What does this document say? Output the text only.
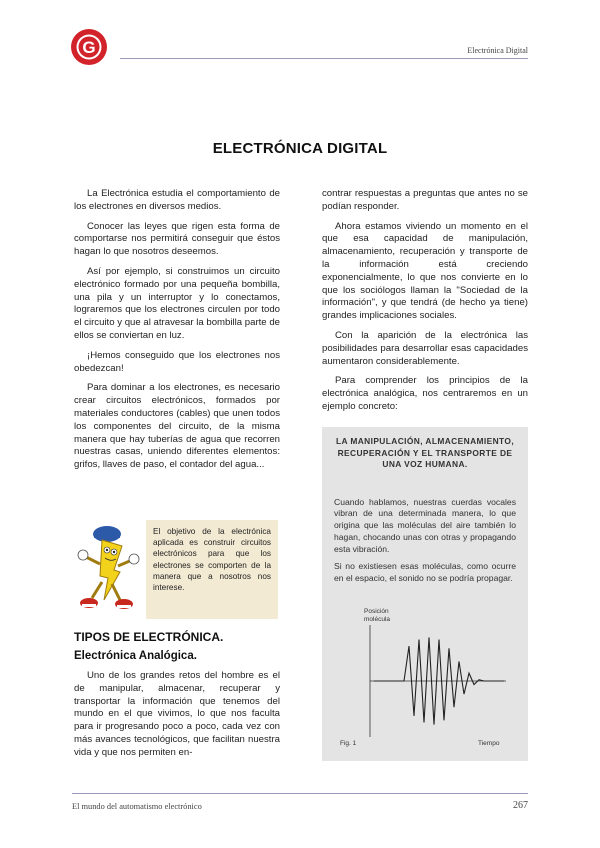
G	Electrónica Digital
ELECTRÓNICA DIGITAL

La Electrónica estudia el comportamiento de los electrones en diversos medios.

Conocer las leyes que rigen esta forma de comportarse nos permitirá conseguir que éstos hagan lo que nosotros deseemos.

Así por ejemplo, si construimos un circuito electrónico formado por una pequeña bombilla, una pila y un interruptor y lo conectamos, lograremos que los electrones circulen por todo el circuito y que al atravesar la bombilla parte de ellos se conviertan en luz.

¡Hemos conseguido que los electrones nos obedezcan!

Para dominar a los electrones, es necesario crear circuitos electrónicos, formados por materiales conductores (cables) que unen todos los componentes del circuito, de la misma manera que hay tuberías de agua que recorren nuestras casas, uniendo diferentes elementos: grifos, llaves de paso, el contador del agua...

El objetivo de la electrónica aplicada es construir circuitos electrónicos para que los electrones se comporten de la manera que a nosotros nos interese.
TIPOS DE ELECTRÓNICA.
Electrónica Analógica.

Uno de los grandes retos del hombre es el de manipular, almacenar, recuperar y transportar la información que tenemos del mundo en el que vivimos, lo que nos faculta para ir progresando poco a poco, cada vez con más avances tecnológicos, que facilitan nuestra vida y que nos permiten en-

contrar respuestas a preguntas que antes no se podían responder.

Ahora estamos viviendo un momento en el que esa capacidad de manipulación, almacenamiento, recuperación y transporte de la información está creciendo exponencialmente, lo que nos convierte en lo que los sociólogos llaman la "Sociedad de la información", y que tendrá (de hecho ya tiene) grandes implicaciones sociales.

Con la aparición de la electrónica las posibilidades para desarrollar esas capacidades aumentaron considerablemente.

Para comprender los principios de la electrónica analógica, nos centraremos en un ejemplo concreto:

LA MANIPULACIÓN, ALMACENAMIENTO, RECUPERACIÓN Y EL TRANSPORTE DE UNA VOZ HUMANA.

Cuando hablamos, nuestras cuerdas vocales vibran de una determinada manera, lo que origina que las moléculas del aire también lo hagan, chocando unas con otras y propagando esta vibración.

Si no existiesen esas moléculas, como ocurre en el espacio, el sonido no se podría propagar.

Posición
molécula
Fig. 1	Tiempo
El mundo del automatismo electrónico	267
